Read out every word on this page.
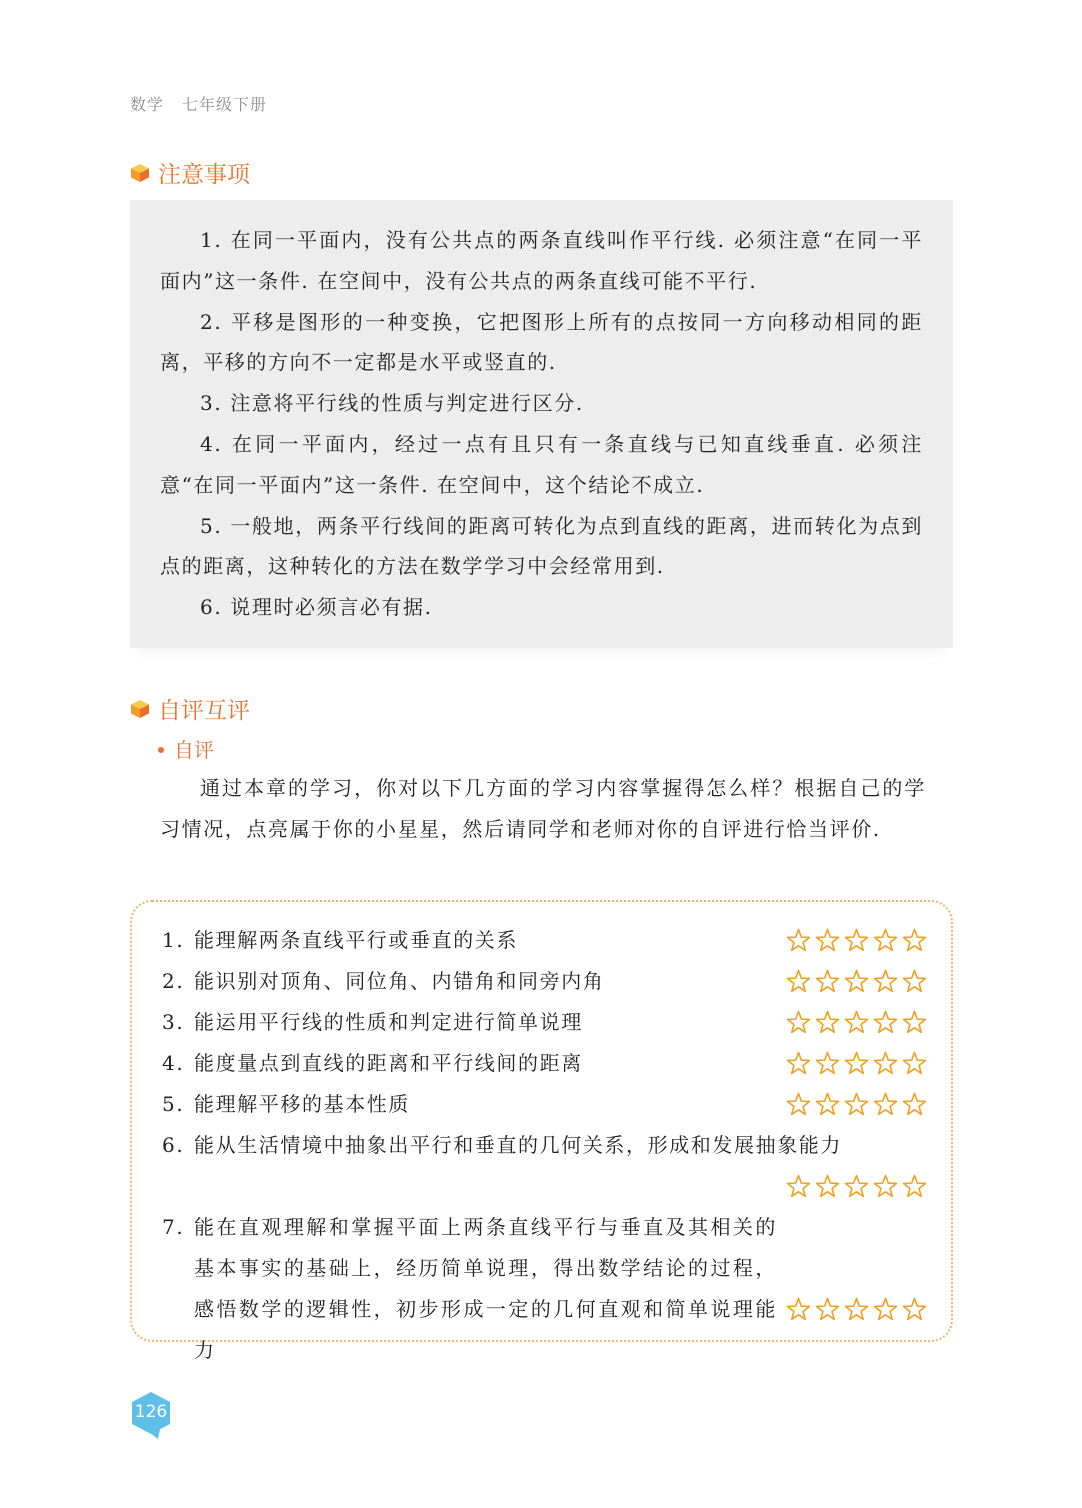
数学 七年级下册
注意事项

1. 在同一平面内，没有公共点的两条直线叫作平行线. 必须注意“在同一平面内”这一条件. 在空间中，没有公共点的两条直线可能不平行.

2. 平移是图形的一种变换，它把图形上所有的点按同一方向移动相同的距离，平移的方向不一定都是水平或竖直的.

3. 注意将平行线的性质与判定进行区分.

4. 在同一平面内，经过一点有且只有一条直线与已知直线垂直. 必须注意“在同一平面内”这一条件. 在空间中，这个结论不成立.

5. 一般地，两条平行线间的距离可转化为点到直线的距离，进而转化为点到点的距离，这种转化的方法在数学学习中会经常用到.

6. 说理时必须言必有据.

自评互评
自评

通过本章的学习，你对以下几方面的学习内容掌握得怎么样？根据自己的学习情况，点亮属于你的小星星，然后请同学和老师对你的自评进行恰当评价.

1. 能理解两条直线平行或垂直的关系
2. 能识别对顶角、同位角、内错角和同旁内角
3. 能运用平行线的性质和判定进行简单说理
4. 能度量点到直线的距离和平行线间的距离
5. 能理解平移的基本性质
6. 能从生活情境中抽象出平行和垂直的几何关系，形成和发展抽象能力
7. 能在直观理解和掌握平面上两条直线平行与垂直及其相关的基本事实的基础上，经历简单说理，得出数学结论的过程，感悟数学的逻辑性，初步形成一定的几何直观和简单说理能力
126
